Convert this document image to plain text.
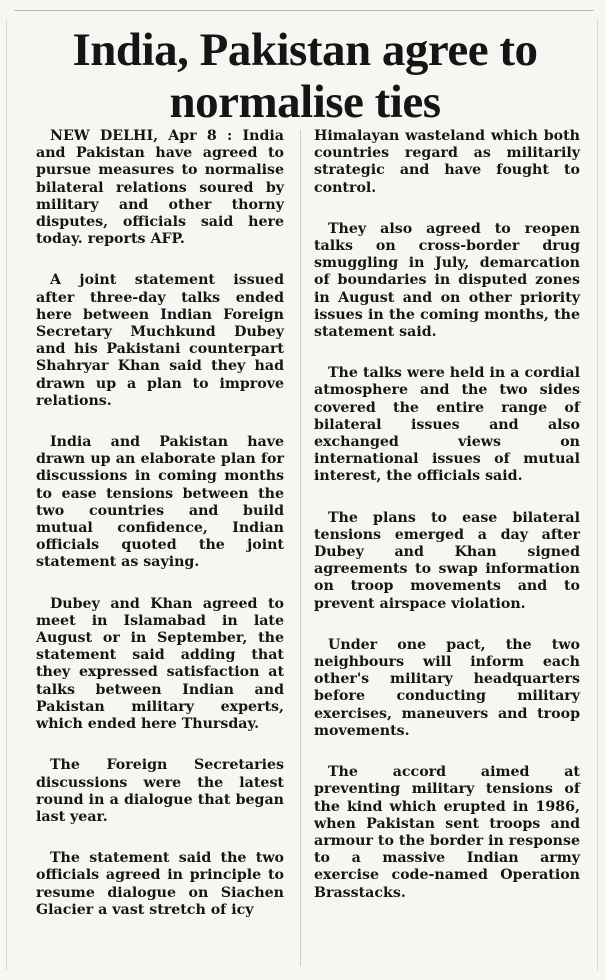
India, Pakistan agree to normalise ties

NEW DELHI, Apr 8 : India and Pakistan have agreed to pursue measures to normalise bilateral relations soured by military and other thorny disputes, officials said here today. reports AFP.

A joint statement issued after three-day talks ended here between Indian Foreign Secretary Muchkund Dubey and his Pakistani counterpart Shahryar Khan said they had drawn up a plan to improve relations.

India and Pakistan have drawn up an elaborate plan for discussions in coming months to ease tensions between the two countries and build mutual confidence, Indian officials quoted the joint statement as saying.

Dubey and Khan agreed to meet in Islamabad in late August or in September, the statement said adding that they expressed satisfaction at talks between Indian and Pakistan military experts, which ended here Thursday.

The Foreign Secretaries discussions were the latest round in a dialogue that began last year.

The statement said the two officials agreed in principle to resume dialogue on Siachen Glacier a vast stretch of icy

Himalayan wasteland which both countries regard as militarily strategic and have fought to control.

They also agreed to reopen talks on cross-border drug smuggling in July, demarcation of boundaries in disputed zones in August and on other priority issues in the coming months, the statement said.

The talks were held in a cordial atmosphere and the two sides covered the entire range of bilateral issues and also exchanged views on international issues of mutual interest, the officials said.

The plans to ease bilateral tensions emerged a day after Dubey and Khan signed agreements to swap information on troop movements and to prevent airspace violation.

Under one pact, the two neighbours will inform each other's military headquarters before conducting military exercises, maneuvers and troop movements.

The accord aimed at preventing military tensions of the kind which erupted in 1986, when Pakistan sent troops and armour to the border in response to a massive Indian army exercise code-named Operation Brasstacks.
